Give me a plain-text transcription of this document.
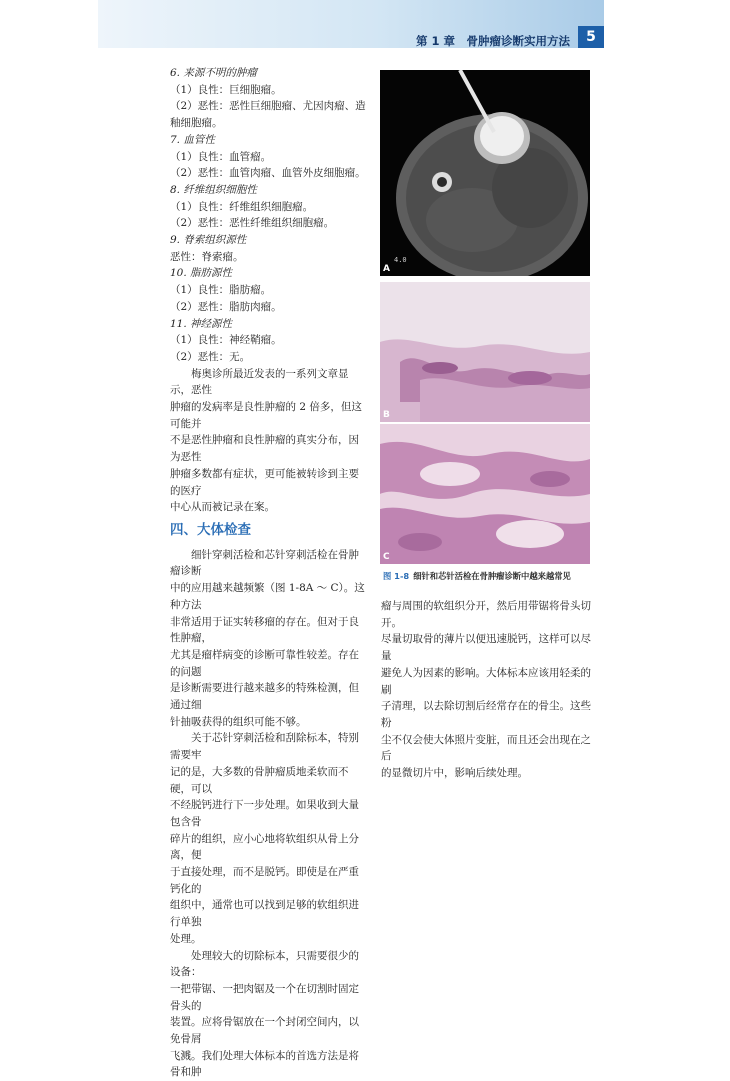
第 1 章　骨肿瘤诊断实用方法	5

6. 来源不明的肿瘤

（1）良性：巨细胞瘤。

（2）恶性：恶性巨细胞瘤、尤因肉瘤、造

釉细胞瘤。

7. 血管性

（1）良性：血管瘤。

（2）恶性：血管肉瘤、血管外皮细胞瘤。

8. 纤维组织细胞性

（1）良性：纤维组织细胞瘤。

（2）恶性：恶性纤维组织细胞瘤。

9. 脊索组织源性

恶性：脊索瘤。

10. 脂肪源性

（1）良性：脂肪瘤。

（2）恶性：脂肪肉瘤。

11. 神经源性

（1）良性：神经鞘瘤。

（2）恶性：无。

梅奥诊所最近发表的一系列文章显示，恶性

肿瘤的发病率是良性肿瘤的 2 倍多，但这可能并

不是恶性肿瘤和良性肿瘤的真实分布，因为恶性

肿瘤多数都有症状，更可能被转诊到主要的医疗

中心从而被记录在案。

四、大体检查

细针穿刺活检和芯针穿刺活检在骨肿瘤诊断

中的应用越来越频繁（图 1-8A ～ C）。这种方法

非常适用于证实转移瘤的存在。但对于良性肿瘤，

尤其是瘤样病变的诊断可靠性较差。存在的问题

是诊断需要进行越来越多的特殊检测，但通过细

针抽吸获得的组织可能不够。

关于芯针穿刺活检和刮除标本，特别需要牢

记的是，大多数的骨肿瘤质地柔软而不硬，可以

不经脱钙进行下一步处理。如果收到大量包含骨

碎片的组织，应小心地将软组织从骨上分离，便

于直接处理，而不是脱钙。即使是在严重钙化的

组织中，通常也可以找到足够的软组织进行单独

处理。

处理较大的切除标本，只需要很少的设备：

一把带锯、一把肉锯及一个在切割时固定骨头的

装置。应将骨锯放在一个封闭空间内，以免骨屑

飞溅。我们处理大体标本的首选方法是将骨和肿

A
4.0
B
C
图 1-8 细针和芯针活检在骨肿瘤诊断中越来越常见

瘤与周围的软组织分开，然后用带锯将骨头切开。

尽量切取骨的薄片以便迅速脱钙，这样可以尽量

避免人为因素的影响。大体标本应该用轻柔的刷

子清理，以去除切割后经常存在的骨尘。这些粉

尘不仅会使大体照片变脏，而且还会出现在之后

的显微切片中，影响后续处理。
